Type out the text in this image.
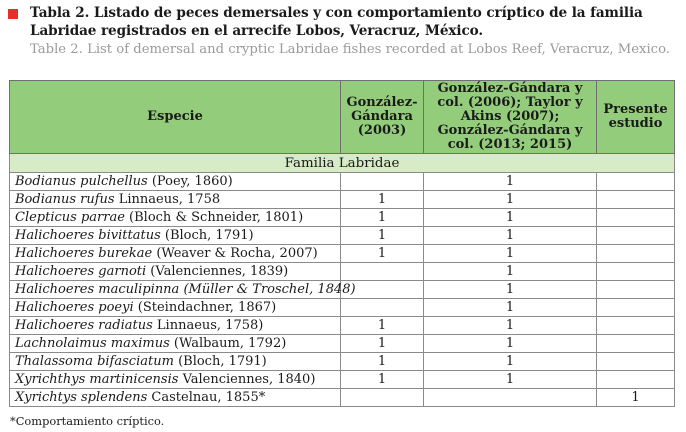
Tabla 2. Listado de peces demersales y con comportamiento críptico de la familia Labridae registrados en el arrecife Lobos, Veracruz, México.

Table 2. List of demersal and cryptic Labridae fishes recorded at Lobos Reef, Veracruz, Mexico.

Especie	González-Gándara (2003)	González-Gándara y col. (2006); Taylor y Akins (2007); González-Gándara y col. (2013; 2015)	Presente estudio
Familia Labridae			
Bodianus pulchellus (Poey, 1860)		1	
Bodianus rufus Linnaeus, 1758	1	1	
Clepticus parrae (Bloch & Schneider, 1801)	1	1	
Halichoeres bivittatus (Bloch, 1791)	1	1	
Halichoeres burekae (Weaver & Rocha, 2007)	1	1	
Halichoeres garnoti (Valenciennes, 1839)		1	
Halichoeres maculipinna (Müller & Troschel, 1848)		1	
Halichoeres poeyi (Steindachner, 1867)		1	
Halichoeres radiatus Linnaeus, 1758)	1	1	
Lachnolaimus maximus (Walbaum, 1792)	1	1	
Thalassoma bifasciatum (Bloch, 1791)	1	1	
Xyrichthys martinicensis Valenciennes, 1840)	1	1	
Xyrichtys splendens Castelnau, 1855*			1
*Comportamiento críptico.
